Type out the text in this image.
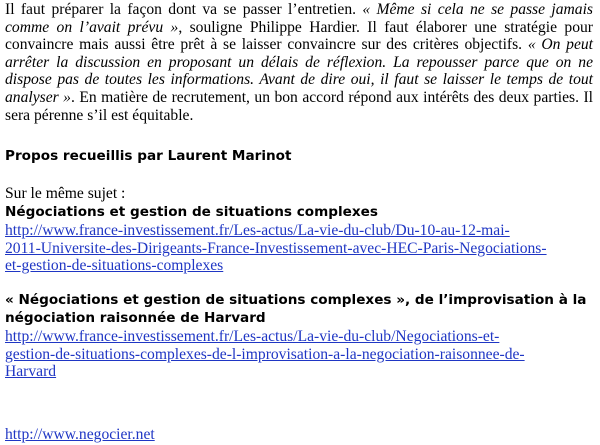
Il faut préparer la façon dont va se passer l’entretien. « Même si cela ne se passe jamais comme on l’avait prévu », souligne Philippe Hardier. Il faut élaborer une stratégie pour convaincre mais aussi être prêt à se laisser convaincre sur des critères objectifs. « On peut arrêter la discussion en proposant un délais de réflexion. La repousser parce que on ne dispose pas de toutes les informations. Avant de dire oui, il faut se laisser le temps de tout analyser ». En matière de recrutement, un bon accord répond aux intérêts des deux parties. Il sera pérenne s’il est équitable.

Propos recueillis par Laurent Marinot
Sur le même sujet :
Négociations et gestion de situations complexes
http://www.france-investissement.fr/Les-actus/La-vie-du-club/Du-10-au-12-mai-
2011-Universite-des-Dirigeants-France-Investissement-avec-HEC-Paris-Negociations-
et-gestion-de-situations-complexes
« Négociations et gestion de situations complexes », de l’improvisation à la
négociation raisonnée de Harvard
http://www.france-investissement.fr/Les-actus/La-vie-du-club/Negociations-et-
gestion-de-situations-complexes-de-l-improvisation-a-la-negociation-raisonnee-de-
Harvard
http://www.negocier.net
